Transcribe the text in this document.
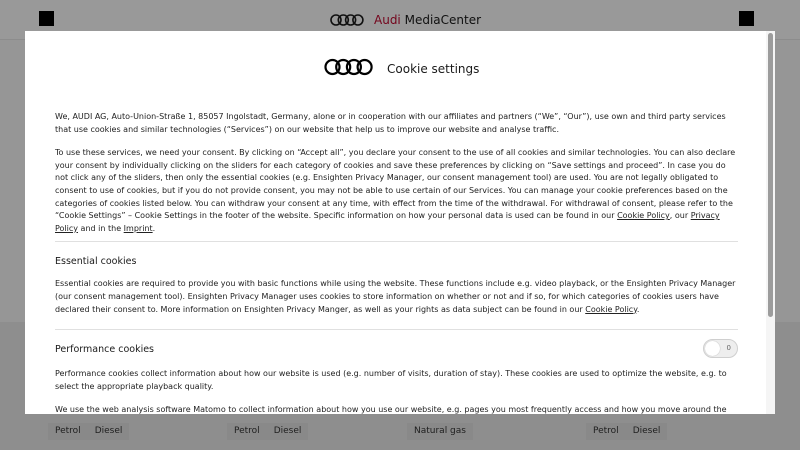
Audi MediaCenter
Petrol	Diesel	Petrol	Diesel	Natural gas	Petrol	Diesel
Cookie settings

We, AUDI AG, Auto-Union-Straße 1, 85057 Ingolstadt, Germany, alone or in cooperation with our affiliates and partners (“We”, “Our”), use own and third party services that use cookies and similar technologies (“Services”) on our website that help us to improve our website and analyse traffic.

To use these services, we need your consent. By clicking on “Accept all”, you declare your consent to the use of all cookies and similar technologies. You can also declare your consent by individually clicking on the sliders for each category of cookies and save these preferences by clicking on “Save settings and proceed”. In case you do not click any of the sliders, then only the essential cookies (e.g. Ensighten Privacy Manager, our consent management tool) are used. You are not legally obligated to consent to use of cookies, but if you do not provide consent, you may not be able to use certain of our Services. You can manage your cookie preferences based on the categories of cookies listed below. You can withdraw your consent at any time, with effect from the time of the withdrawal. For withdrawal of consent, please refer to the “Cookie Settings” – Cookie Settings in the footer of the website. Specific information on how your personal data is used can be found in our Cookie Policy, our Privacy Policy and in the Imprint.

Essential cookies

Essential cookies are required to provide you with basic functions while using the website. These functions include e.g. video playback, or the Ensighten Privacy Manager (our consent management tool). Ensighten Privacy Manager uses cookies to store information on whether or not and if so, for which categories of cookies users have declared their consent to. More information on Ensighten Privacy Manger, as well as your rights as data subject can be found in our Cookie Policy.

Performance cookies	0

Performance cookies collect information about how our website is used (e.g. number of visits, duration of stay). These cookies are used to optimize the website, e.g. to select the appropriate playback quality.

We use the web analysis software Matomo to collect information about how you use our website, e.g. pages you most frequently access and how you move around the
